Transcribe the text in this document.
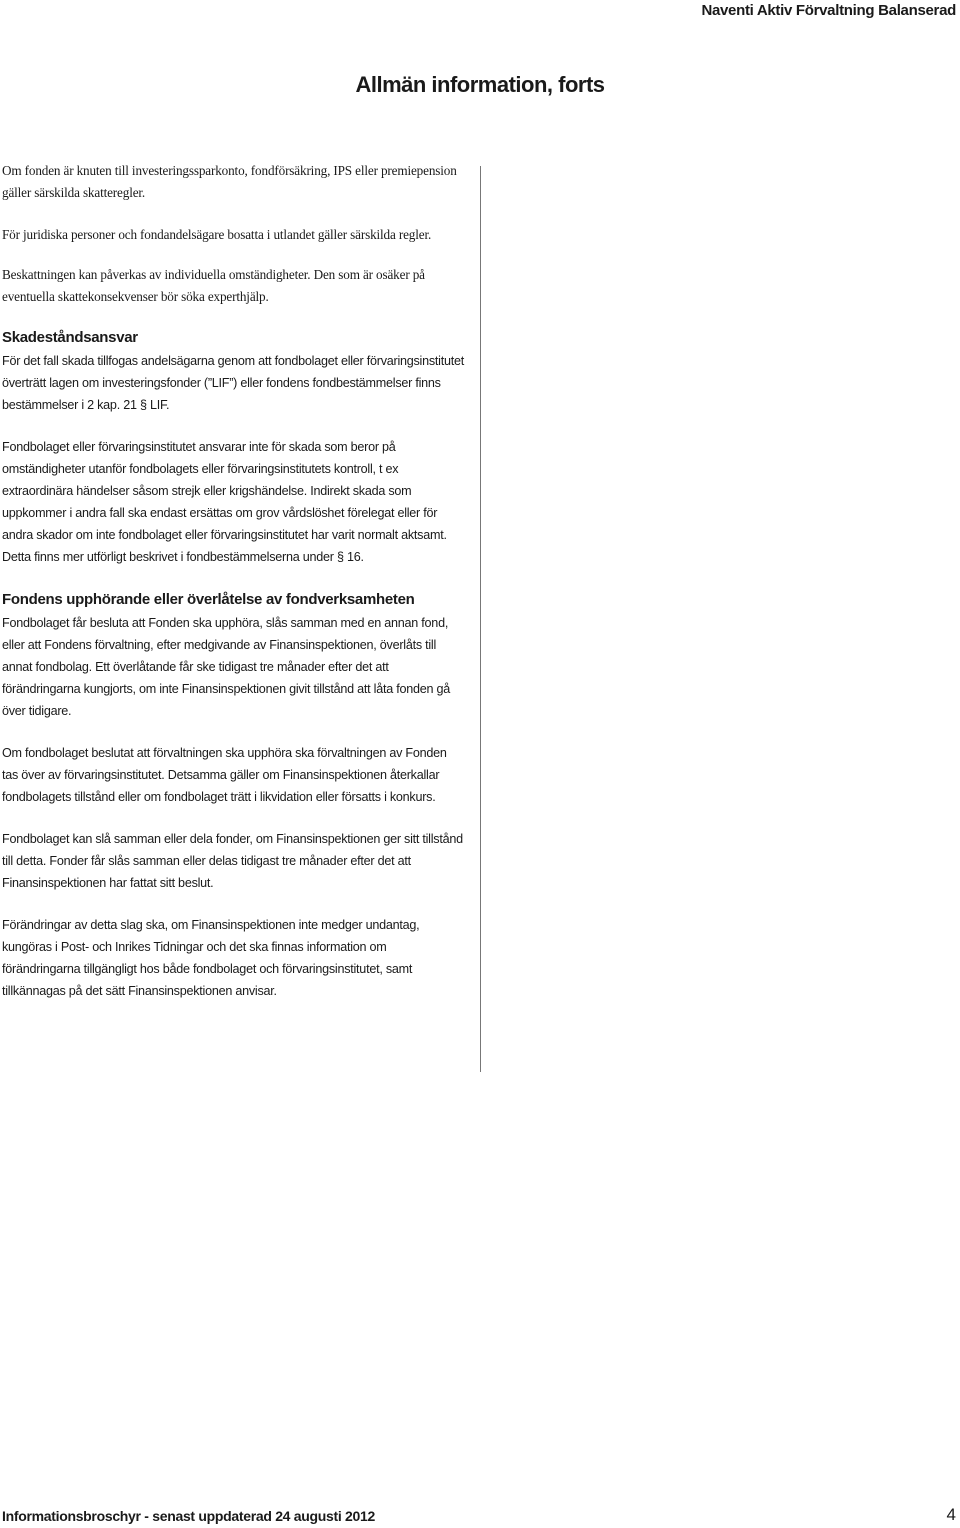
Naventi Aktiv Förvaltning Balanserad
Allmän information, forts

Om fonden är knuten till investeringssparkonto, fondförsäkring, IPS eller premiepension gäller särskilda skatteregler.

För juridiska personer och fondandelsägare bosatta i utlandet gäller särskilda regler.

Beskattningen kan påverkas av individuella omständigheter. Den som är osäker på eventuella skattekonsekvenser bör söka experthjälp.

Skadeståndsansvar

För det fall skada tillfogas andelsägarna genom att fondbolaget eller förvaringsinstitutet överträtt lagen om investeringsfonder (”LIF”) eller fondens fondbestämmelser finns bestämmelser i 2 kap. 21 § LIF.

Fondbolaget eller förvaringsinstitutet ansvarar inte för skada som beror på omständigheter utanför fondbolagets eller förvaringsinstitutets kontroll, t ex extraordinära händelser såsom strejk eller krigshändelse. Indirekt skada som uppkommer i andra fall ska endast ersättas om grov vårdslöshet förelegat eller för andra skador om inte fondbolaget eller förvaringsinstitutet har varit normalt aktsamt. Detta finns mer utförligt beskrivet i fondbestämmelserna under § 16.

Fondens upphörande eller överlåtelse av fondverksamheten

Fondbolaget får besluta att Fonden ska upphöra, slås samman med en annan fond, eller att Fondens förvaltning, efter medgivande av Finansinspektionen, överlåts till annat fondbolag. Ett överlåtande får ske tidigast tre månader efter det att förändringarna kungjorts, om inte Finansinspektionen givit tillstånd att låta fonden gå över tidigare.

Om fondbolaget beslutat att förvaltningen ska upphöra ska förvaltningen av Fonden tas över av förvaringsinstitutet. Detsamma gäller om Finansinspektionen återkallar fondbolagets tillstånd eller om fondbolaget trätt i likvidation eller försatts i konkurs.

Fondbolaget kan slå samman eller dela fonder, om Finansinspektionen ger sitt tillstånd till detta. Fonder får slås samman eller delas tidigast tre månader efter det att Finansinspektionen har fattat sitt beslut.

Förändringar av detta slag ska, om Finansinspektionen inte medger undantag, kungöras i Post- och Inrikes Tidningar och det ska finnas information om förändringarna tillgängligt hos både fondbolaget och förvaringsinstitutet, samt tillkännagas på det sätt Finansinspektionen anvisar.

Informationsbroschyr - senast uppdaterad 24 augusti 2012	4
